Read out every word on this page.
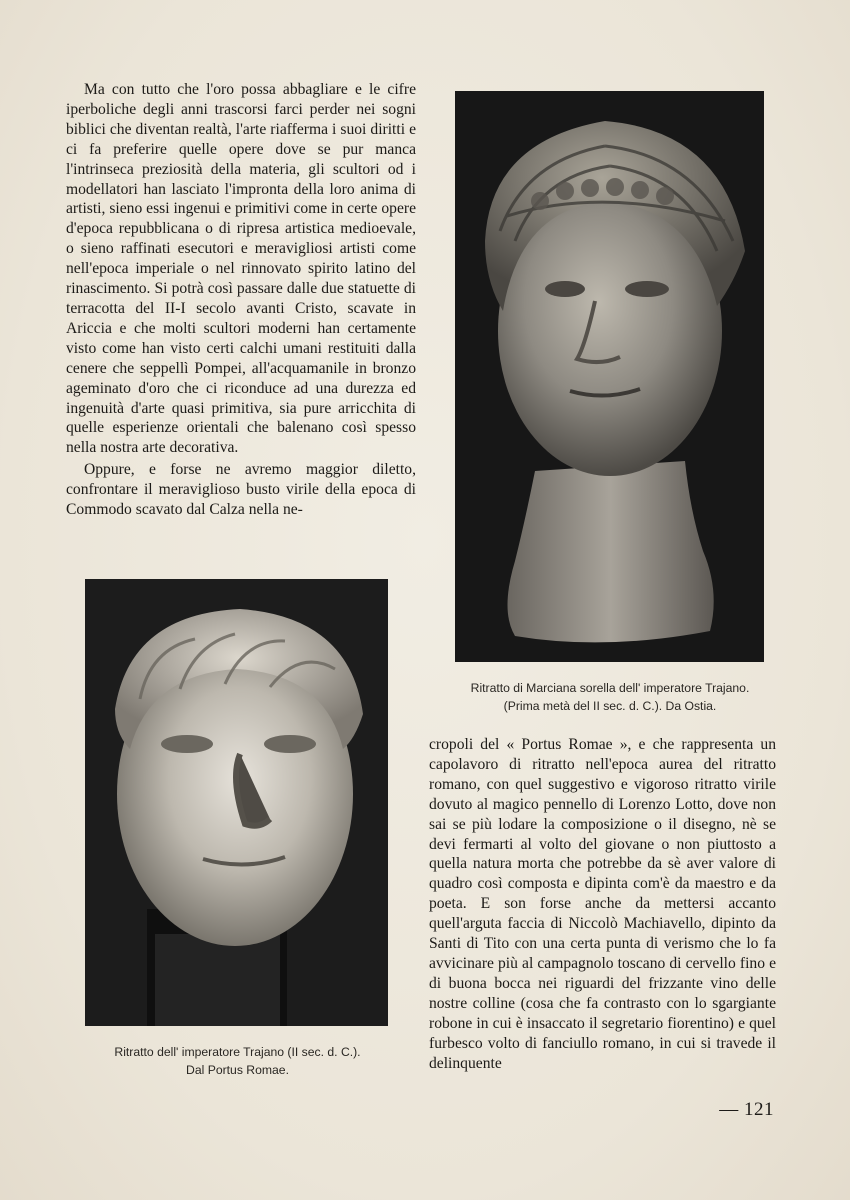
Ma con tutto che l'oro possa abbagliare e le cifre iperboliche degli anni trascorsi farci perder nei sogni biblici che diventan realtà, l'arte riafferma i suoi diritti e ci fa preferire quelle opere dove se pur manca l'intrinseca preziosità della materia, gli scultori od i modellatori han lasciato l'impronta della loro anima di artisti, sieno essi ingenui e primitivi come in certe opere d'epoca repubblicana o di ripresa artistica medioevale, o sieno raffinati esecutori e meravigliosi artisti come nell'epoca imperiale o nel rinnovato spirito latino del rinascimento. Si potrà così passare dalle due statuette di terracotta del II-I secolo avanti Cristo, scavate in Ariccia e che molti scultori moderni han certamente visto come han visto certi calchi umani restituiti dalla cenere che seppellì Pompei, all'acquamanile in bronzo ageminato d'oro che ci riconduce ad una durezza ed ingenuità d'arte quasi primitiva, sia pure arricchita di quelle esperienze orientali che balenano così spesso nella nostra arte decorativa.

Oppure, e forse ne avremo maggior diletto, confrontare il meraviglioso busto virile della epoca di Commodo scavato dal Calza nella ne-

Ritratto di Marciana sorella dell' imperatore Trajano.
(Prima metà del II sec. d. C.). Da Ostia.
Ritratto dell' imperatore Trajano (II sec. d. C.).
Dal Portus Romae.

cropoli del « Portus Romae », e che rappresenta un capolavoro di ritratto nell'epoca aurea del ritratto romano, con quel suggestivo e vigoroso ritratto virile dovuto al magico pennello di Lorenzo Lotto, dove non sai se più lodare la composizione o il disegno, nè se devi fermarti al volto del giovane o non piuttosto a quella natura morta che potrebbe da sè aver valore di quadro così composta e dipinta com'è da maestro e da poeta. E son forse anche da mettersi accanto quell'arguta faccia di Niccolò Machiavello, dipinto da Santi di Tito con una certa punta di verismo che lo fa avvicinare più al campagnolo toscano di cervello fino e di buona bocca nei riguardi del frizzante vino delle nostre colline (cosa che fa contrasto con lo sgargiante robone in cui è insaccato il segretario fiorentino) e quel furbesco volto di fanciullo romano, in cui si travede il delinquente

— 121
